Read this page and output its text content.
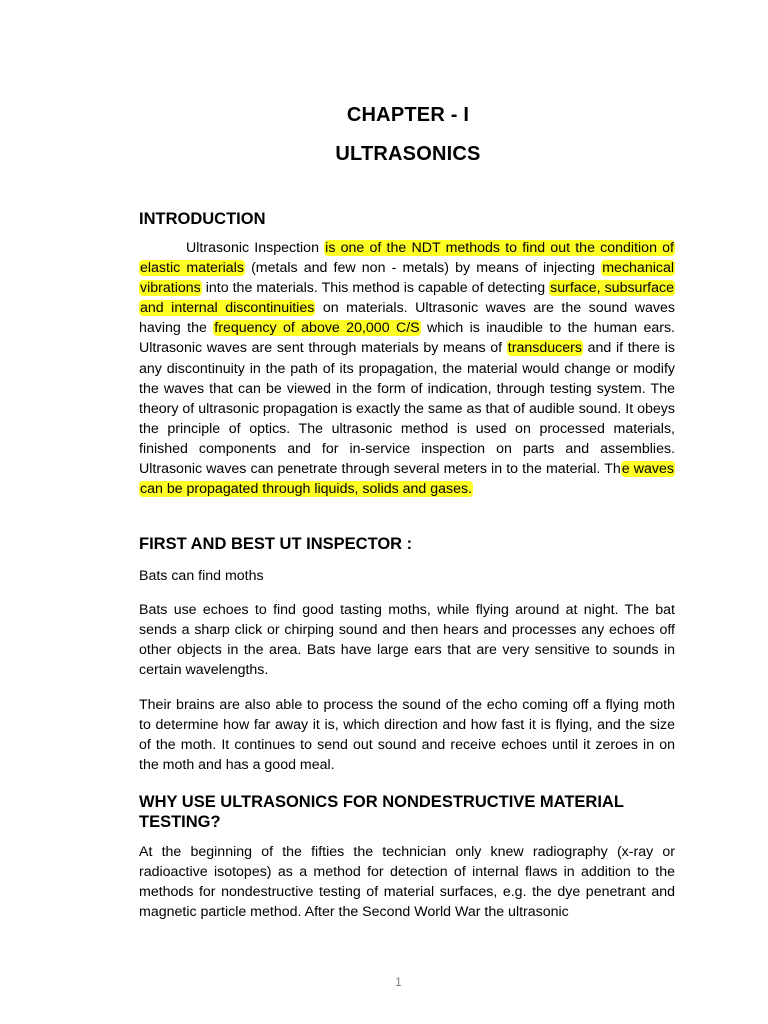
CHAPTER - I
ULTRASONICS
INTRODUCTION
Ultrasonic Inspection is one of the NDT methods to find out the condition of elastic materials (metals and few non - metals) by means of injecting mechanical vibrations into the materials. This method is capable of detecting surface, subsurface and internal discontinuities on materials. Ultrasonic waves are the sound waves having the frequency of above 20,000 C/S which is inaudible to the human ears. Ultrasonic waves are sent through materials by means of transducers and if there is any discontinuity in the path of its propagation, the material would change or modify the waves that can be viewed in the form of indication, through testing system. The theory of ultrasonic propagation is exactly the same as that of audible sound. It obeys the principle of optics. The ultrasonic method is used on processed materials, finished components and for in-service inspection on parts and assemblies. Ultrasonic waves can penetrate through several meters in to the material. The waves can be propagated through liquids, solids and gases.
FIRST AND BEST UT INSPECTOR :
Bats can find moths
Bats use echoes to find good tasting moths, while flying around at night. The bat sends a sharp click or chirping sound and then hears and processes any echoes off other objects in the area. Bats have large ears that are very sensitive to sounds in certain wavelengths.
Their brains are also able to process the sound of the echo coming off a flying moth to determine how far away it is, which direction and how fast it is flying, and the size of the moth. It continues to send out sound and receive echoes until it zeroes in on the moth and has a good meal.
WHY USE ULTRASONICS FOR NONDESTRUCTIVE MATERIAL TESTING?
At the beginning of the fifties the technician only knew radiography (x-ray or radioactive isotopes) as a method for detection of internal flaws in addition to the methods for nondestructive testing of material surfaces, e.g. the dye penetrant and magnetic particle method. After the Second World War the ultrasonic
1
